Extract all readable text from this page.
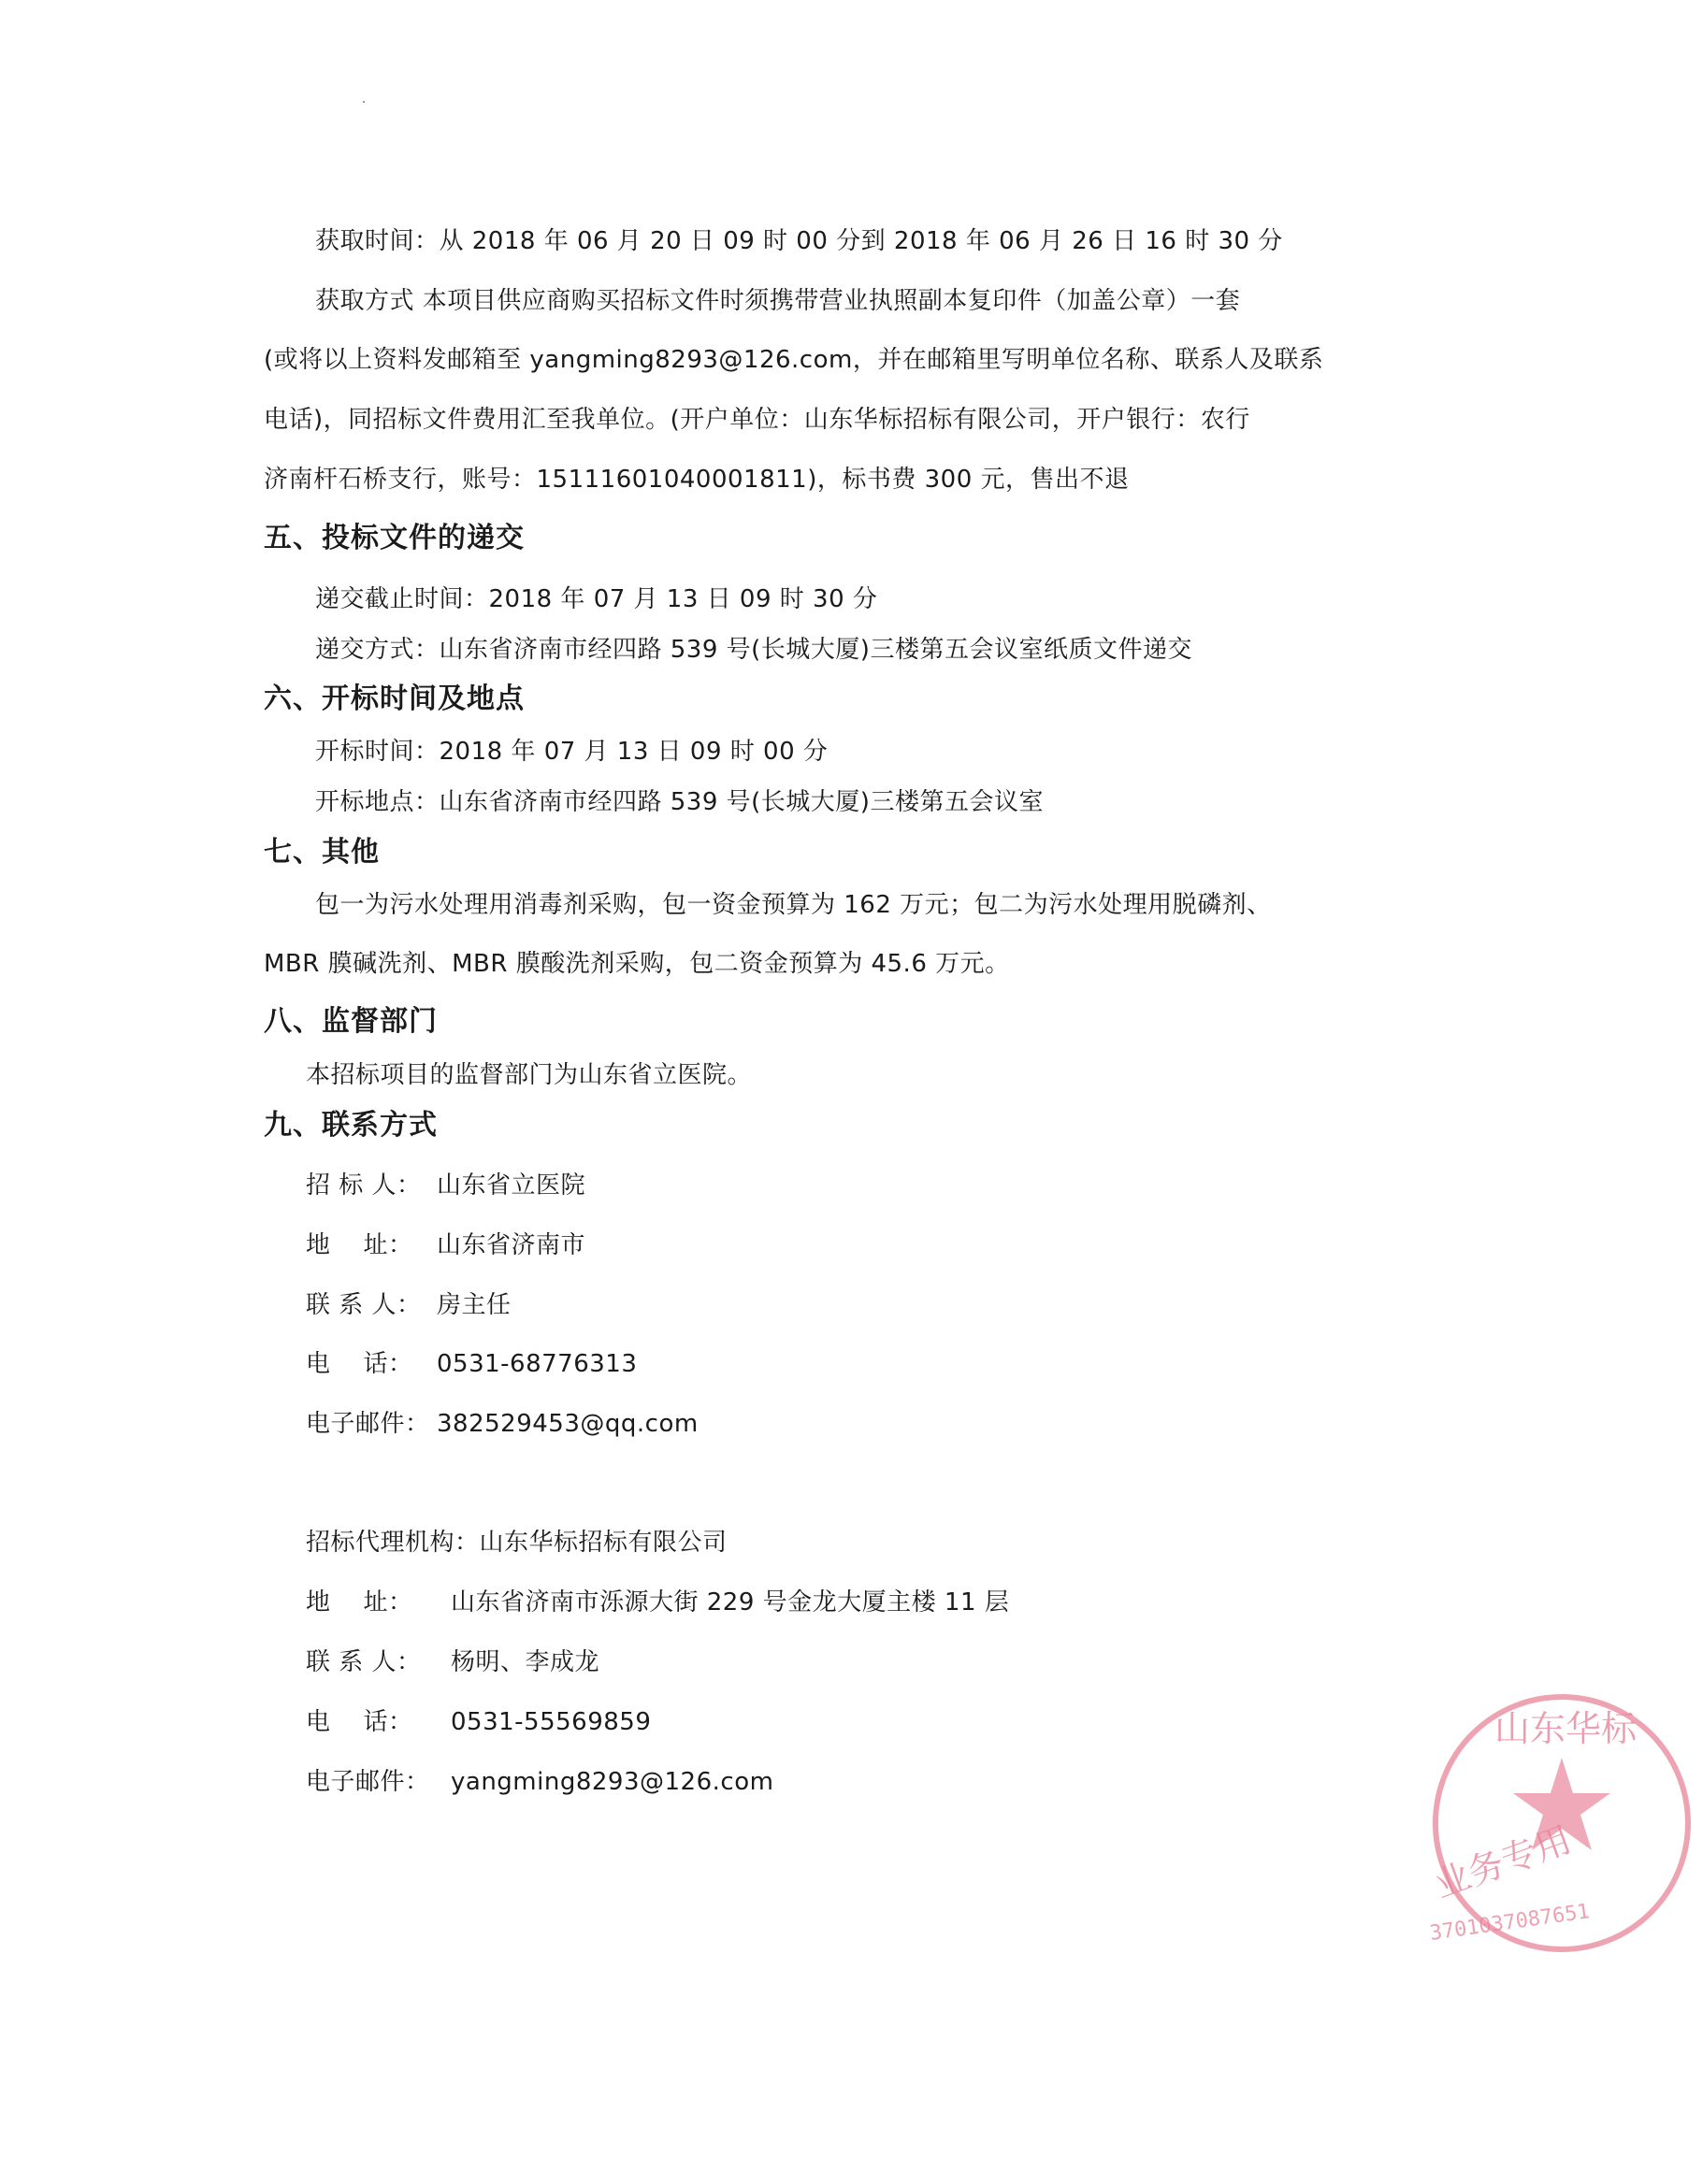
获取时间：从 2018 年 06 月 20 日 09 时 00 分到 2018 年 06 月 26 日 16 时 30 分
获取方式 本项目供应商购买招标文件时须携带营业执照副本复印件（加盖公章）一套
(或将以上资料发邮箱至 yangming8293@126.com，并在邮箱里写明单位名称、联系人及联系
电话)，同招标文件费用汇至我单位。(开户单位：山东华标招标有限公司，开户银行：农行
济南杆石桥支行，账号：15111601040001811)，标书费 300 元，售出不退
五、投标文件的递交
递交截止时间：2018 年 07 月 13 日 09 时 30 分
递交方式：山东省济南市经四路 539 号(长城大厦)三楼第五会议室纸质文件递交
六、开标时间及地点
开标时间：2018 年 07 月 13 日 09 时 00 分
开标地点：山东省济南市经四路 539 号(长城大厦)三楼第五会议室
七、其他
包一为污水处理用消毒剂采购，包一资金预算为 162 万元；包二为污水处理用脱磷剂、
MBR 膜碱洗剂、MBR 膜酸洗剂采购，包二资金预算为 45.6 万元。
八、监督部门
本招标项目的监督部门为山东省立医院。
九、联系方式
招 标 人： 山东省立医院
地    址： 山东省济南市
联 系 人： 房主任
电    话： 0531-68776313
电子邮件： 382529453@qq.com
招标代理机构：山东华标招标有限公司
地    址： 山东省济南市泺源大街 229 号金龙大厦主楼 11 层
联 系 人： 杨明、李成龙
电    话： 0531-55569859
电子邮件： yangming8293@126.com
山东华标
业务专用
3701037087651
